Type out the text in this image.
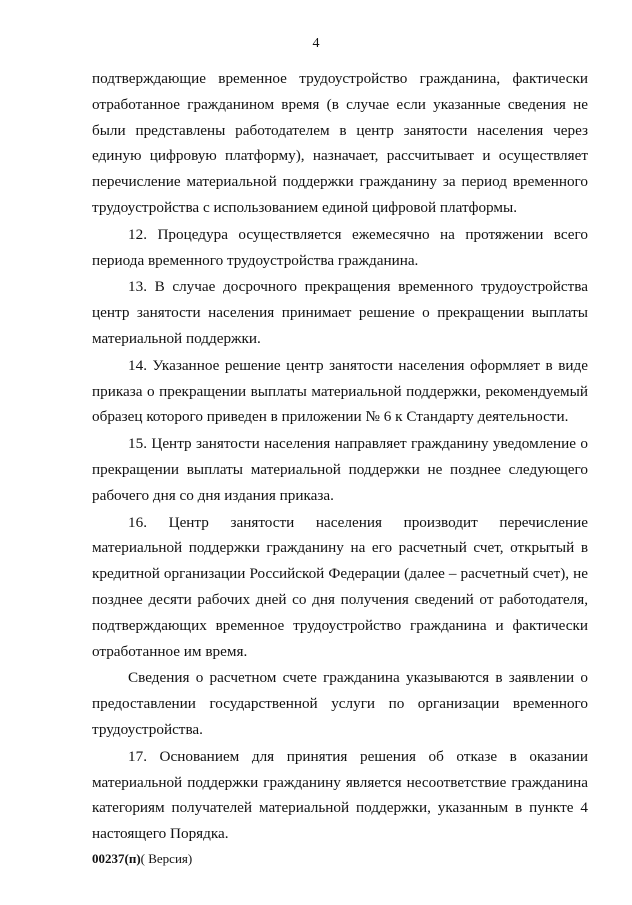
4

подтверждающие временное трудоустройство гражданина, фактически отработанное гражданином время (в случае если указанные сведения не были представлены работодателем в центр занятости населения через единую цифровую платформу), назначает, рассчитывает и осуществляет перечисление материальной поддержки гражданину за период временного трудоустройства с использованием единой цифровой платформы.

12. Процедура осуществляется ежемесячно на протяжении всего периода временного трудоустройства гражданина.

13. В случае досрочного прекращения временного трудоустройства центр занятости населения принимает решение о прекращении выплаты материальной поддержки.

14. Указанное решение центр занятости населения оформляет в виде приказа о прекращении выплаты материальной поддержки, рекомендуемый образец которого приведен в приложении № 6 к Стандарту деятельности.

15. Центр занятости населения направляет гражданину уведомление о прекращении выплаты материальной поддержки не позднее следующего рабочего дня со дня издания приказа.

16. Центр занятости населения производит перечисление материальной поддержки гражданину на его расчетный счет, открытый в кредитной организации Российской Федерации (далее – расчетный счет), не позднее десяти рабочих дней со дня получения сведений от работодателя, подтверждающих временное трудоустройство гражданина и фактически отработанное им время.

Сведения о расчетном счете гражданина указываются в заявлении о предоставлении государственной услуги по организации временного трудоустройства.

17. Основанием для принятия решения об отказе в оказании материальной поддержки гражданину является несоответствие гражданина категориям получателей материальной поддержки, указанным в пункте 4 настоящего Порядка.

00237(п)( Версия)
